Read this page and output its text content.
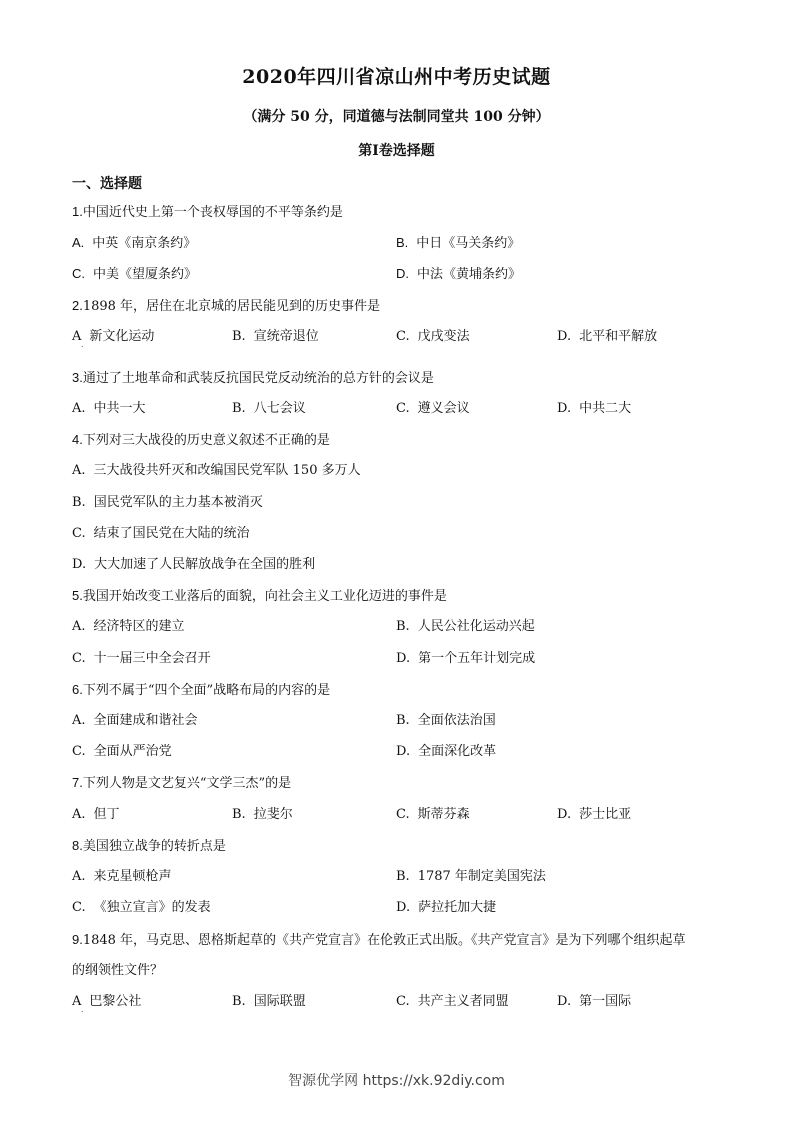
2020年四川省凉山州中考历史试题
（满分 50 分，同道德与法制同堂共 100 分钟）
第Ⅰ卷选择题
一、选择题
1.中国近代史上第一个丧权辱国的不平等条约是
A. 中英《南京条约》	B. 中日《马关条约》
C. 中美《望厦条约》	D. 中法《黄埔条约》
2.1898 年，居住在北京城的居民能见到的历史事件是
A 新文化运动	B. 宣统帝退位	C. 戊戌变法	D. 北平和平解放
˙
3.通过了土地革命和武装反抗国民党反动统治的总方针的会议是
A. 中共一大	B. 八七会议	C. 遵义会议	D. 中共二大
4.下列对三大战役的历史意义叙述不正确的是
A. 三大战役共歼灭和改编国民党军队 150 多万人
B. 国民党军队的主力基本被消灭
C. 结束了国民党在大陆的统治
D. 大大加速了人民解放战争在全国的胜利
5.我国开始改变工业落后的面貌，向社会主义工业化迈进的事件是
A. 经济特区的建立	B. 人民公社化运动兴起
C. 十一届三中全会召开	D. 第一个五年计划完成
6.下列不属于“四个全面”战略布局的内容的是
A. 全面建成和谐社会	B. 全面依法治国
C. 全面从严治党	D. 全面深化改革
7.下列人物是文艺复兴“文学三杰”的是
A. 但丁	B. 拉斐尔	C. 斯蒂芬森	D. 莎士比亚
8.美国独立战争的转折点是
A. 来克星顿枪声	B. 1787 年制定美国宪法
C. 《独立宣言》的发表	D. 萨拉托加大捷
9.1848 年，马克思、恩格斯起草的《共产党宣言》在伦敦正式出版。《共产党宣言》是为下列哪个组织起草
的纲领性文件？
A 巴黎公社	B. 国际联盟	C. 共产主义者同盟	D. 第一国际
˙
智源优学网 https://xk.92diy.com
